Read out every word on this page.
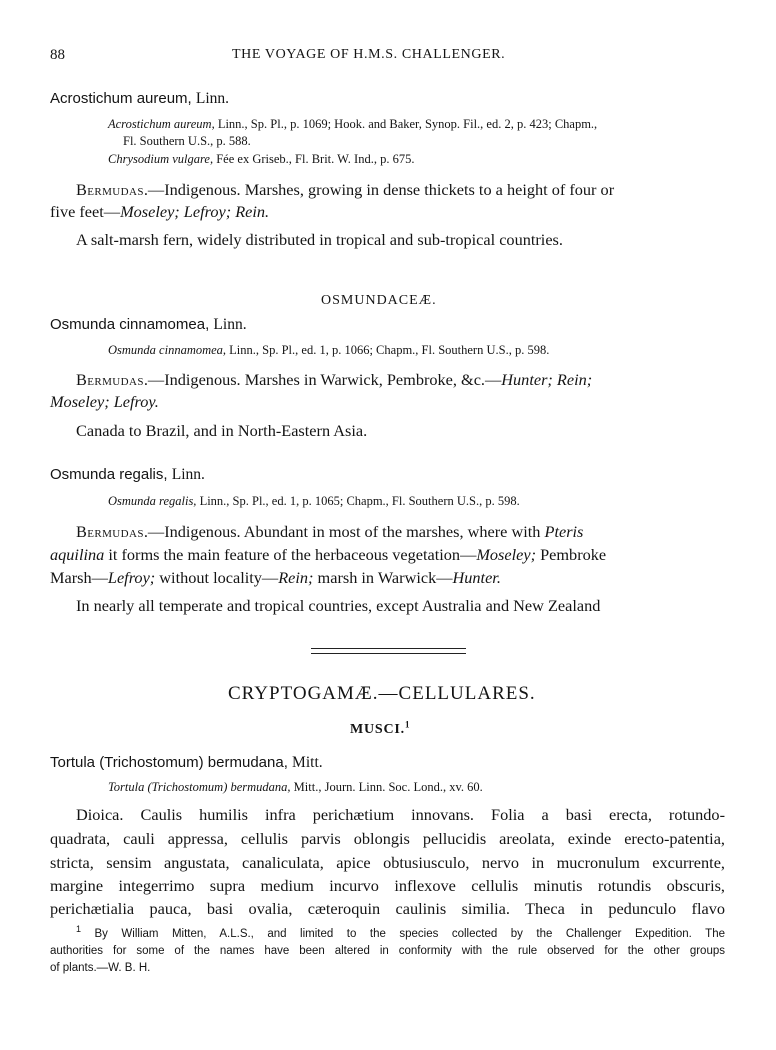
88	THE VOYAGE OF H.M.S. CHALLENGER.
Acrostichum aureum, Linn.
Acrostichum aureum, Linn., Sp. Pl., p. 1069; Hook. and Baker, Synop. Fil., ed. 2, p. 423; Chapm.,
Fl. Southern U.S., p. 588.
Chrysodium vulgare, Fée ex Griseb., Fl. Brit. W. Ind., p. 675.
Bermudas.—Indigenous. Marshes, growing in dense thickets to a height of four or
five feet—Moseley; Lefroy; Rein.
A salt-marsh fern, widely distributed in tropical and sub-tropical countries.
OSMUNDACEÆ.
Osmunda cinnamomea, Linn.
Osmunda cinnamomea, Linn., Sp. Pl., ed. 1, p. 1066; Chapm., Fl. Southern U.S., p. 598.
Bermudas.—Indigenous. Marshes in Warwick, Pembroke, &c.—Hunter; Rein;
Moseley; Lefroy.
Canada to Brazil, and in North-Eastern Asia.
Osmunda regalis, Linn.
Osmunda regalis, Linn., Sp. Pl., ed. 1, p. 1065; Chapm., Fl. Southern U.S., p. 598.
Bermudas.—Indigenous. Abundant in most of the marshes, where with Pteris
aquilina it forms the main feature of the herbaceous vegetation—Moseley; Pembroke
Marsh—Lefroy; without locality—Rein; marsh in Warwick—Hunter.
In nearly all temperate and tropical countries, except Australia and New Zealand
CRYPTOGAMÆ.—CELLULARES.
MUSCI.$^1$
Tortula (Trichostomum) bermudana, Mitt.
Tortula (Trichostomum) bermudana, Mitt., Journ. Linn. Soc. Lond., xv. 60.
Dioica. Caulis humilis infra perichætium innovans. Folia a basi erecta, rotundo-
quadrata, cauli appressa, cellulis parvis oblongis pellucidis areolata, exinde erecto-patentia,
stricta, sensim angustata, canaliculata, apice obtusiusculo, nervo in mucronulum excurrente,
margine integerrimo supra medium incurvo inflexove cellulis minutis rotundis obscuris,
perichætialia pauca, basi ovalia, cæteroquin caulinis similia. Theca in pedunculo flavo
$^1$ By William Mitten, A.L.S., and limited to the species collected by the Challenger Expedition. The
authorities for some of the names have been altered in conformity with the rule observed for the other groups
of plants.—W. B. H.
